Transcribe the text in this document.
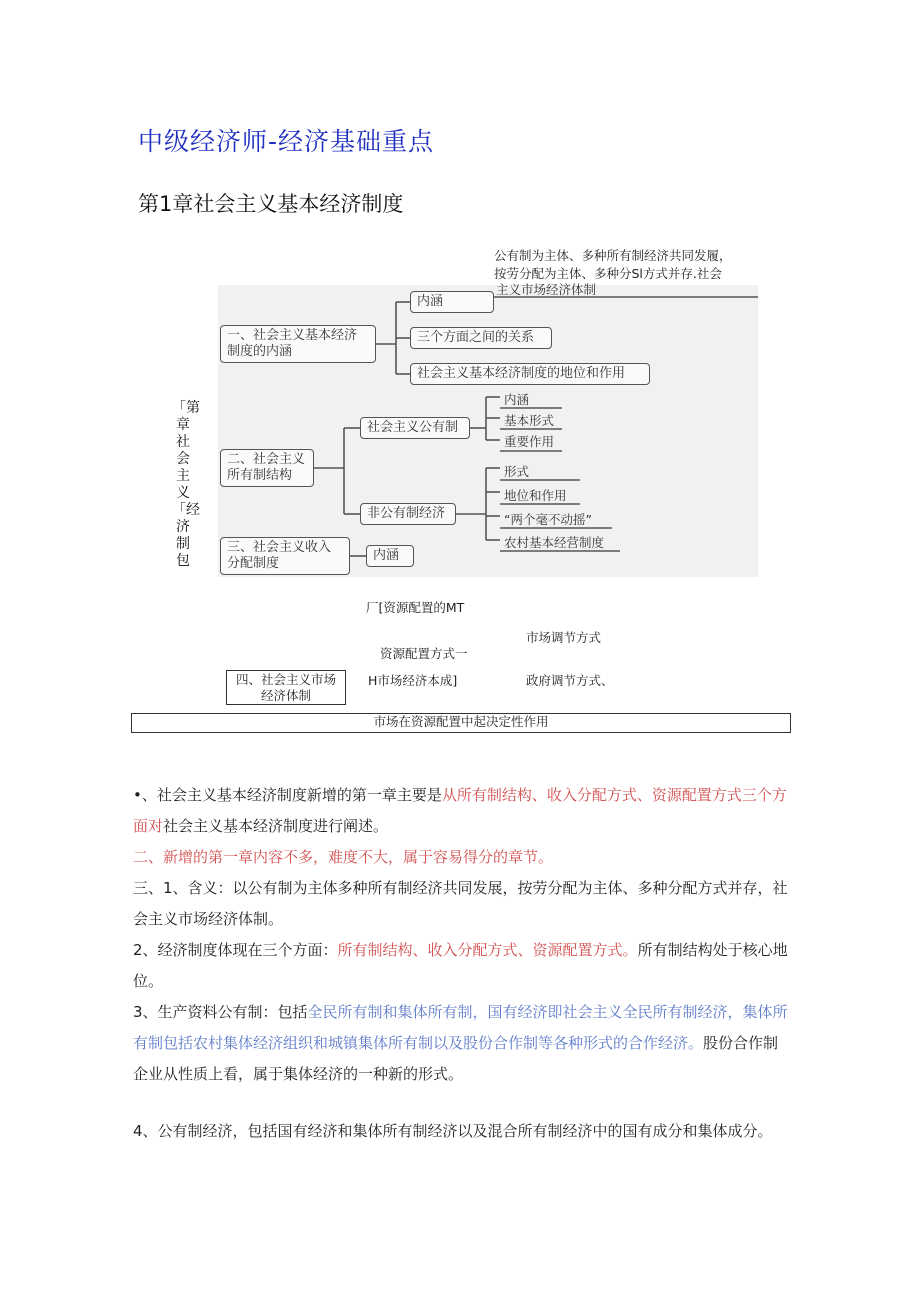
中级经济师-经济基础重点
第1章社会主义基本经济制度
公有制为主体、多种所有制经济共同发履，
按劳分配为主体、多种分Sl方式并存.社会
主义市场经济体制
「第章社会主义「经济制包
一、社会主义基本经济制度的内涵
内涵
三个方面之间的关系
社会主义基本经济制度的地位和作用
二、社会主义所有制结构
社会主义公有制
内涵
基本形式
重要作用
非公有制经济
形式
地位和作用
“两个毫不动摇”
农村基本经营制度
三、社会主义收入分配制度
内涵
厂[资源配置的MT
市场调节方式
资源配置方式一
H市场经济本成]	政府调节方式、
四、社会主义市场经济体制
市场在资源配置中起决定性作用
•、社会主义基本经济制度新增的第一章主要是从所有制结构、收入分配方式、资源配置方式三个方面对社会主义基本经济制度进行阐述。
二、新增的第一章内容不多，难度不大，属于容易得分的章节。
三、1、含义：以公有制为主体多种所有制经济共同发展，按劳分配为主体、多种分配方式并存，社会主义市场经济体制。
2、经济制度体现在三个方面：所有制结构、收入分配方式、资源配置方式。所有制结构处于核心地位。
3、生产资料公有制：包括全民所有制和集体所有制，国有经济即社会主义全民所有制经济，集体所有制包括农村集体经济组织和城镇集体所有制以及股份合作制等各种形式的合作经济。股份合作制企业从性质上看，属于集体经济的一种新的形式。
4、公有制经济，包括国有经济和集体所有制经济以及混合所有制经济中的国有成分和集体成分。
